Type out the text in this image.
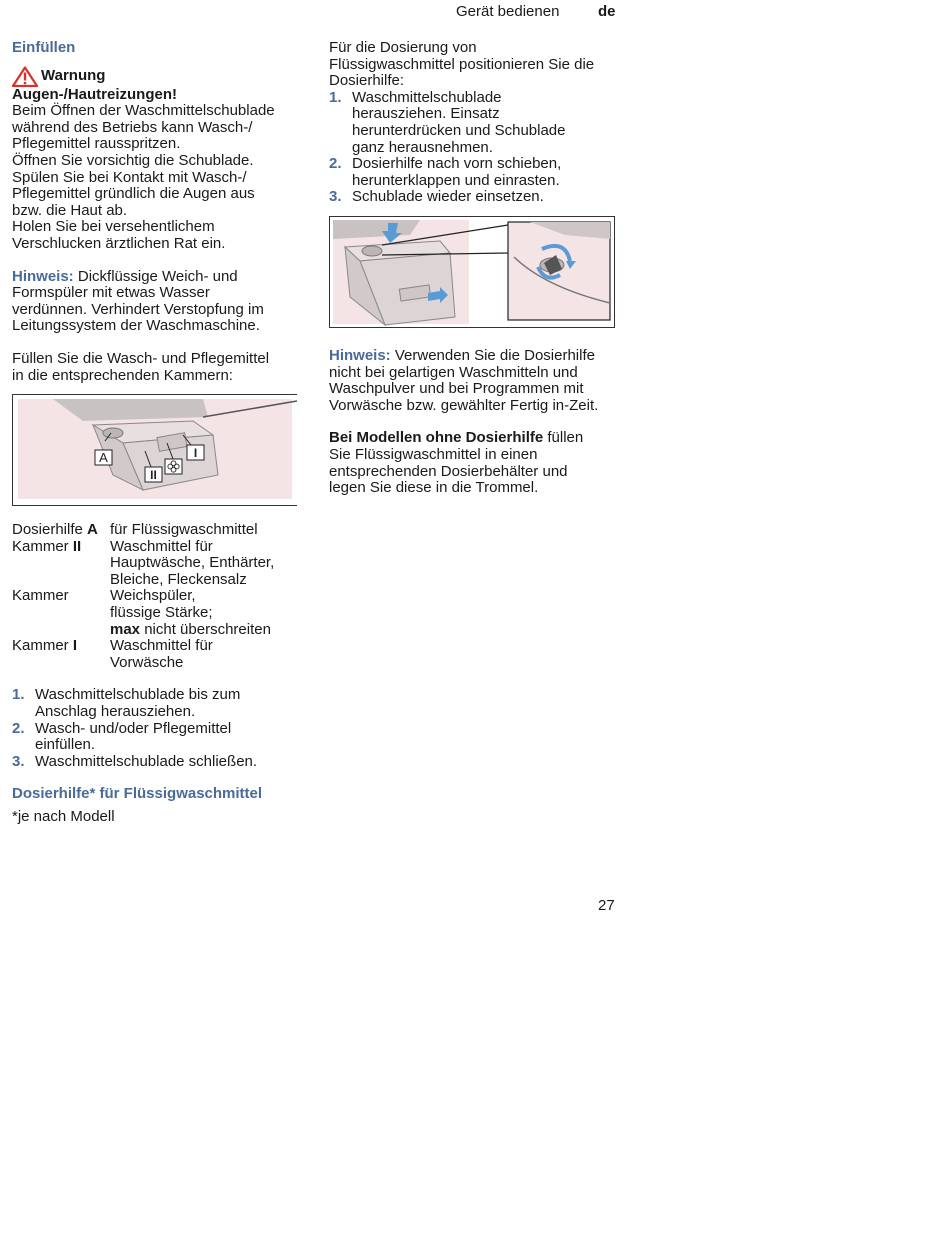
Gerät bedienen	de
Einfüllen
Warnung
Augen-/Hautreizungen!

Beim Öffnen der Waschmittelschublade

während des Betriebs kann Wasch-/

Pflegemittel rausspritzen.

Öffnen Sie vorsichtig die Schublade.

Spülen Sie bei Kontakt mit Wasch-/

Pflegemittel gründlich die Augen aus

bzw. die Haut ab.

Holen Sie bei versehentlichem

Verschlucken ärztlichen Rat ein.

Hinweis: Dickflüssige Weich- und

Formspüler mit etwas Wasser

verdünnen. Verhindert Verstopfung im

Leitungssystem der Waschmaschine.

Füllen Sie die Wasch- und Pflegemittel

in die entsprechenden Kammern:

A
II
I
Dosierhilfe A für Flüssigwaschmittel

Kammer II	Waschmittel für

Hauptwäsche, Enthärter,

Bleiche, Fleckensalz

Kammer	Weichspüler,

flüssige Stärke;

max nicht überschreiten

Kammer I	Waschmittel für

Vorwäsche

1. Waschmittelschublade bis zum

Anschlag herausziehen.

2. Wasch- und/oder Pflegemittel

einfüllen.

3. Waschmittelschublade schließen.

Dosierhilfe* für Flüssigwaschmittel
*je nach Modell

Für die Dosierung von

Flüssigwaschmittel positionieren Sie die

Dosierhilfe:

1. Waschmittelschublade

herausziehen. Einsatz

herunterdrücken und Schublade

ganz herausnehmen.

2. Dosierhilfe nach vorn schieben,

herunterklappen und einrasten.

3. Schublade wieder einsetzen.

Hinweis: Verwenden Sie die Dosierhilfe

nicht bei gelartigen Waschmitteln und

Waschpulver und bei Programmen mit

Vorwäsche bzw. gewählter Fertig in-Zeit.

Bei Modellen ohne Dosierhilfe füllen

Sie Flüssigwaschmittel in einen

entsprechenden Dosierbehälter und

legen Sie diese in die Trommel.

27
